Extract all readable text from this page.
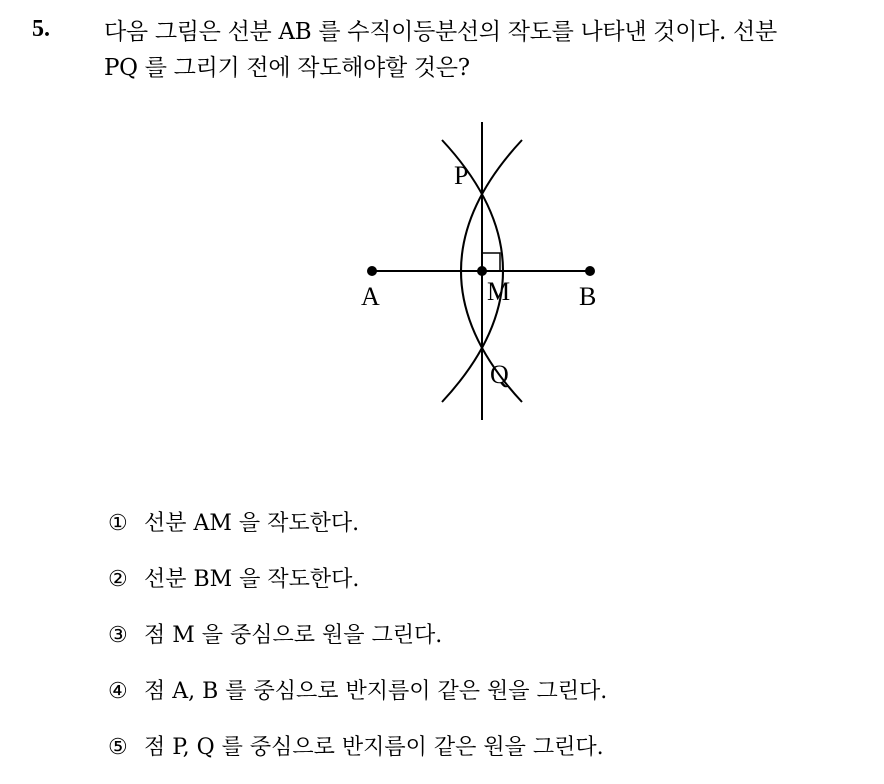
5. 다음 그림은 선분 AB 를 수직이등분선의 작도를 나타낸 것이다. 선분
PQ 를 그리기 전에 작도해야할 것은?
P
A	M	B
Q
① 선분 AM 을 작도한다.
② 선분 BM 을 작도한다.
③ 점 M 을 중심으로 원을 그린다.
④ 점 A, B 를 중심으로 반지름이 같은 원을 그린다.
⑤ 점 P, Q 를 중심으로 반지름이 같은 원을 그린다.
